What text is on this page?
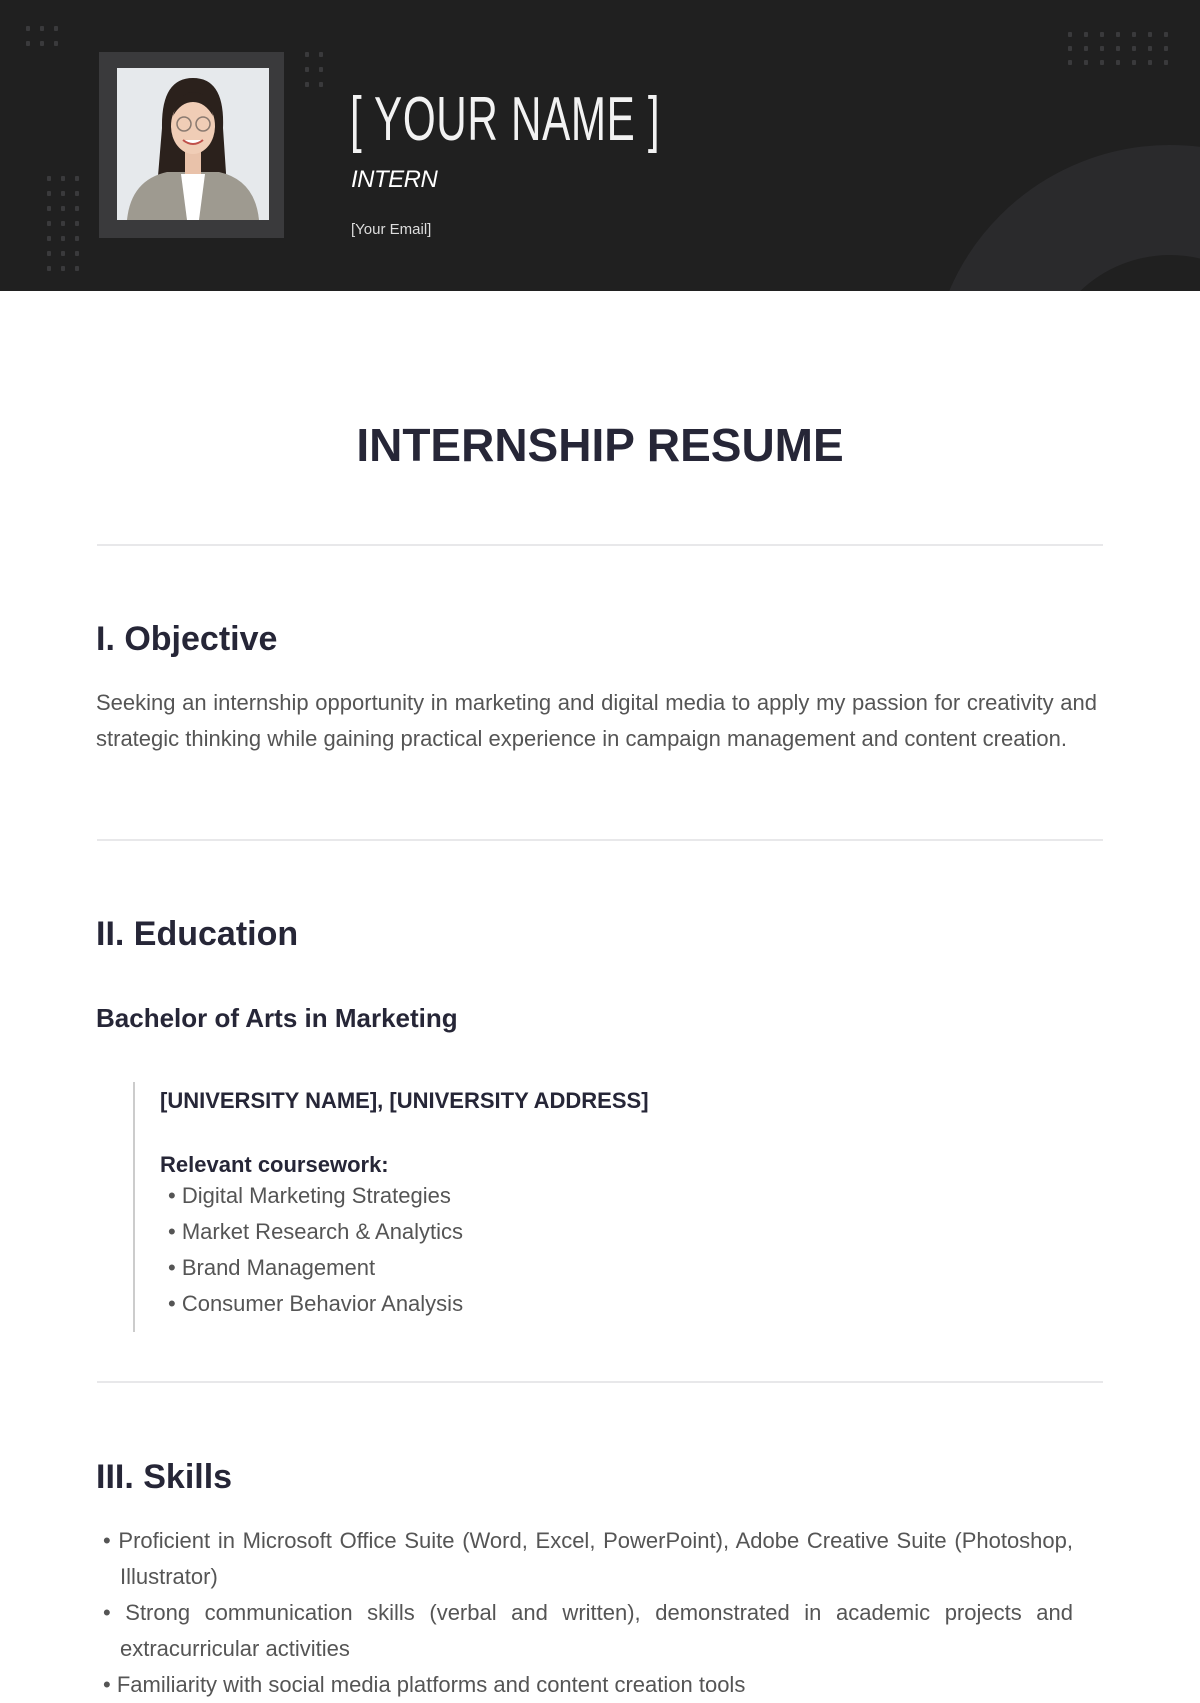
[ YOUR NAME ]
INTERN
[Your Email]
INTERNSHIP RESUME
I. Objective
Seeking an internship opportunity in marketing and digital media to apply my passion for creativity and strategic thinking while gaining practical experience in campaign management and content creation.
II. Education
Bachelor of Arts in Marketing
[UNIVERSITY NAME], [UNIVERSITY ADDRESS]
Relevant coursework:
• Digital Marketing Strategies
• Market Research & Analytics
• Brand Management
• Consumer Behavior Analysis
III. Skills
• Proficient in Microsoft Office Suite (Word, Excel, PowerPoint), Adobe Creative Suite (Photoshop, Illustrator)
• Strong communication skills (verbal and written), demonstrated in academic projects and extracurricular activities
• Familiarity with social media platforms and content creation tools
